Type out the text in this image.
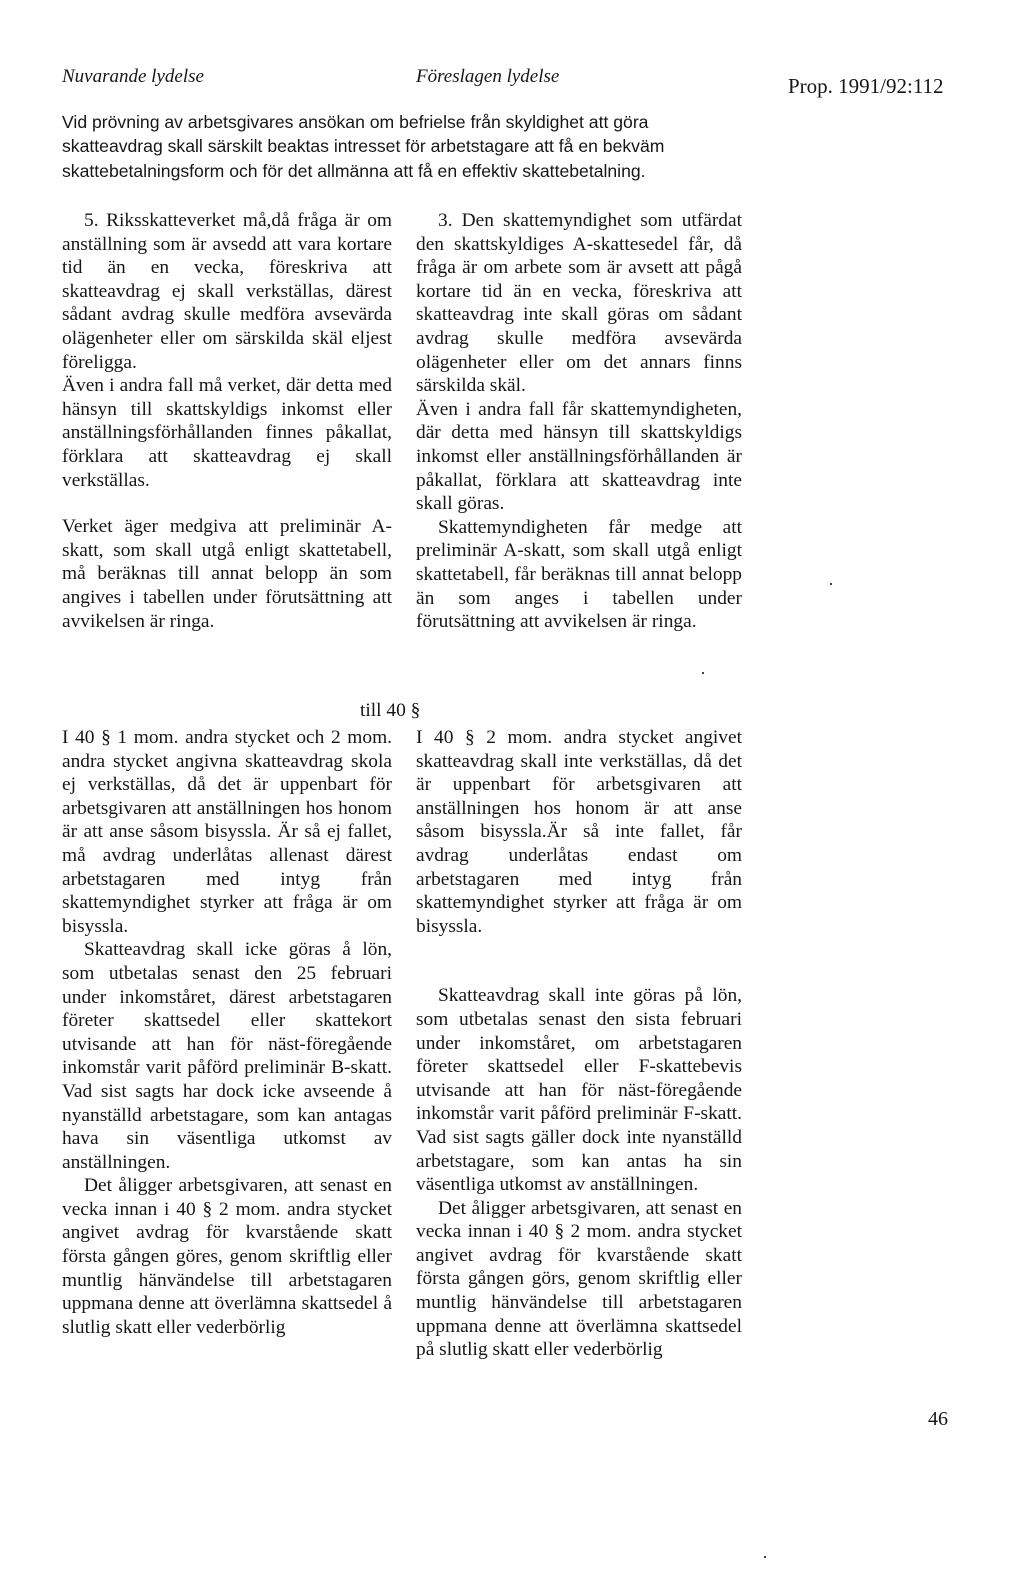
Nuvarande lydelse	Föreslagen lydelse	Prop. 1991/92:112
Vid prövning av arbetsgivares ansökan om befrielse från skyldighet att göra skatteavdrag skall särskilt beaktas intresset för arbetstagare att få en bekväm skattebetalningsform och för det allmänna att få en effektiv skattebetalning.

5. Riksskatteverket må,då fråga är om anställning som är avsedd att vara kortare tid än en vecka, föreskriva att skatteavdrag ej skall verkställas, därest sådant avdrag skulle medföra avsevärda olägenheter eller om särskilda skäl eljest föreligga.

Även i andra fall må verket, där detta med hänsyn till skattskyldigs inkomst eller anställningsförhållanden finnes påkallat, förklara att skatteavdrag ej skall verkställas.

Verket äger medgiva att preliminär A-skatt, som skall utgå enligt skattetabell, må beräknas till annat belopp än som angives i tabellen under förutsättning att avvikelsen är ringa.

3. Den skattemyndighet som utfärdat den skattskyldiges A-skattesedel får, då fråga är om arbete som är avsett att pågå kortare tid än en vecka, föreskriva att skatteavdrag inte skall göras om sådant avdrag skulle medföra avsevärda olägenheter eller om det annars finns särskilda skäl.

Även i andra fall får skattemyndigheten, där detta med hänsyn till skattskyldigs inkomst eller anställningsförhållanden är påkallat, förklara att skatteavdrag inte skall göras.

Skattemyndigheten får medge att preliminär A-skatt, som skall utgå enligt skattetabell, får beräknas till annat belopp än som anges i tabellen under förutsättning att avvikelsen är ringa.

till 40 §

I 40 § 1 mom. andra stycket och 2 mom. andra stycket angivna skatteavdrag skola ej verkställas, då det är uppenbart för arbetsgivaren att anställningen hos honom är att anse såsom bisyssla. Är så ej fallet, må avdrag underlåtas allenast därest arbetstagaren med intyg från skattemyndighet styrker att fråga är om bisyssla.

Skatteavdrag skall icke göras å lön, som utbetalas senast den 25 februari under inkomståret, därest arbetstagaren företer skattsedel eller skattekort utvisande att han för näst-föregående inkomstår varit påförd preliminär B-skatt. Vad sist sagts har dock icke avseende å nyanställd arbetstagare, som kan antagas hava sin väsentliga utkomst av anställningen.

Det åligger arbetsgivaren, att senast en vecka innan i 40 § 2 mom. andra stycket angivet avdrag för kvarstående skatt första gången göres, genom skriftlig eller muntlig hänvändelse till arbetstagaren uppmana denne att överlämna skattsedel å slutlig skatt eller vederbörlig

I 40 § 2 mom. andra stycket angivet skatteavdrag skall inte verkställas, då det är uppenbart för arbetsgivaren att anställningen hos honom är att anse såsom bisyssla.Är så inte fallet, får avdrag underlåtas endast om arbetstagaren med intyg från skattemyndighet styrker att fråga är om bisyssla.

Skatteavdrag skall inte göras på lön, som utbetalas senast den sista februari under inkomståret, om arbetstagaren företer skattsedel eller F-skattebevis utvisande att han för näst-föregående inkomstår varit påförd preliminär F-skatt. Vad sist sagts gäller dock inte nyanställd arbetstagare, som kan antas ha sin väsentliga utkomst av anställningen.

Det åligger arbetsgivaren, att senast en vecka innan i 40 § 2 mom. andra stycket angivet avdrag för kvarstående skatt första gången görs, genom skriftlig eller muntlig hänvändelse till arbetstagaren uppmana denne att överlämna skattsedel på slutlig skatt eller vederbörlig

46
